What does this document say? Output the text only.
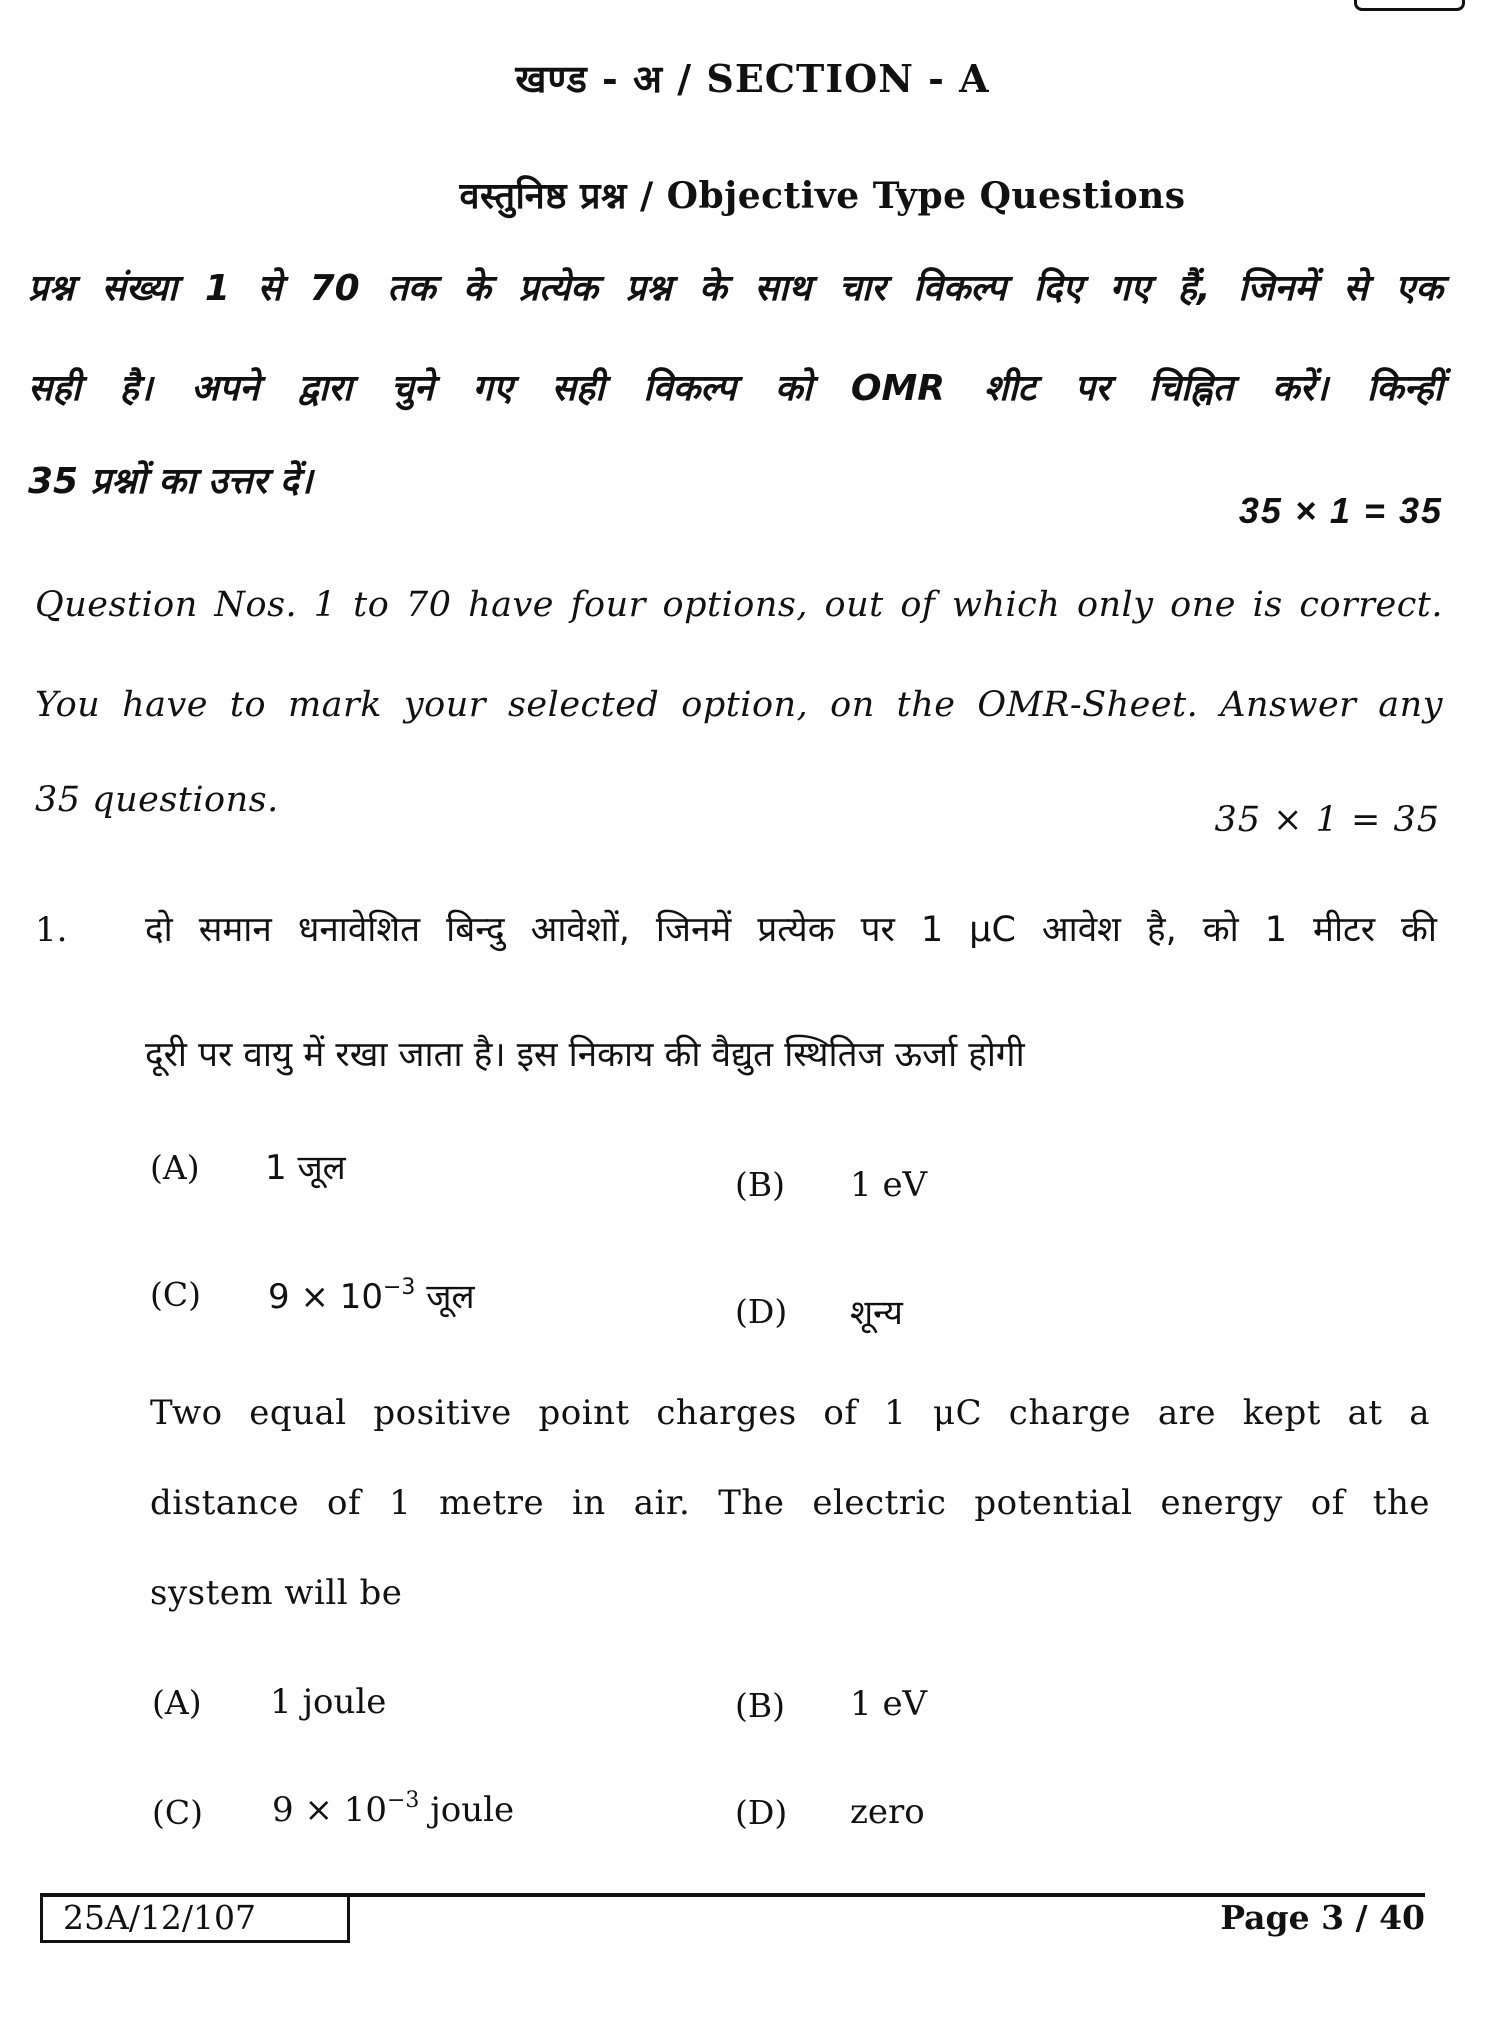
खण्ड - अ / SECTION - A
वस्तुनिष्ठ प्रश्न / Objective Type Questions
प्रश्न संख्या 1 से 70 तक के प्रत्येक प्रश्न के साथ चार विकल्प दिए गए हैं, जिनमें से एक
सही है। अपने द्वारा चुने गए सही विकल्प को OMR शीट पर चिह्नित करें। किन्हीं
35 प्रश्नों का उत्तर दें।
35 × 1 = 35
Question Nos. 1 to 70 have four options, out of which only one is correct.
You have to mark your selected option, on the OMR-Sheet. Answer any
35 questions.	35 × 1 = 35
1. दो समान धनावेशित बिन्दु आवेशों, जिनमें प्रत्येक पर 1 μC आवेश है, को 1 मीटर की
दूरी पर वायु में रखा जाता है। इस निकाय की वैद्युत स्थितिज ऊर्जा होगी
(A) 1 जूल	(B) 1 eV
(C) $9 \times 10^{-3}$ जूल	(D) शून्य
Two equal positive point charges of 1 μC charge are kept at a
distance of 1 metre in air. The electric potential energy of the
system will be
(A) 1 joule	(B) 1 eV
(C) $9 \times 10^{-3}$ joule	(D) zero
25A/12/107	Page 3 / 40
